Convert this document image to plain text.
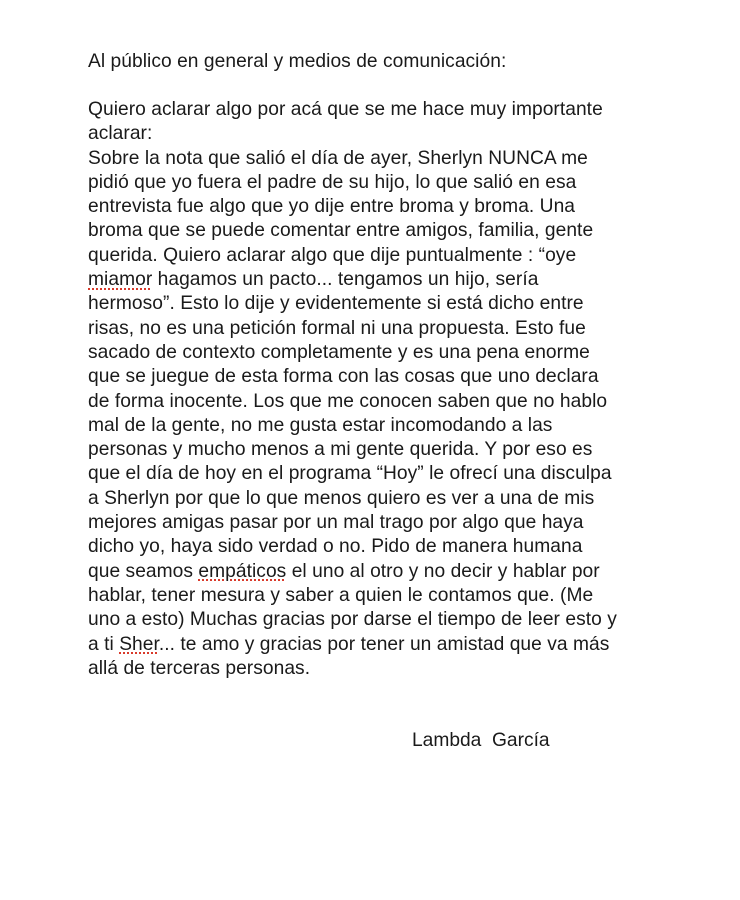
Al público en general y medios de comunicación:
Quiero aclarar algo por acá que se me hace muy importante
aclarar:
Sobre la nota que salió el día de ayer, Sherlyn NUNCA me
pidió que yo fuera el padre de su hijo, lo que salió en esa
entrevista fue algo que yo dije entre broma y broma. Una
broma que se puede comentar entre amigos, familia, gente
querida. Quiero aclarar algo que dije puntualmente : “oye
miamor hagamos un pacto... tengamos un hijo, sería
hermoso”. Esto lo dije y evidentemente si está dicho entre
risas, no es una petición formal ni una propuesta. Esto fue
sacado de contexto completamente y es una pena enorme
que se juegue de esta forma con las cosas que uno declara
de forma inocente. Los que me conocen saben que no hablo
mal de la gente, no me gusta estar incomodando a las
personas y mucho menos a mi gente querida. Y por eso es
que el día de hoy en el programa “Hoy” le ofrecí una disculpa
a Sherlyn por que lo que menos quiero es ver a una de mis
mejores amigas pasar por un mal trago por algo que haya
dicho yo, haya sido verdad o no. Pido de manera humana
que seamos empáticos el uno al otro y no decir y hablar por
hablar, tener mesura y saber a quien le contamos que. (Me
uno a esto) Muchas gracias por darse el tiempo de leer esto y
a ti Sher... te amo y gracias por tener un amistad que va más
allá de terceras personas.
Lambda  García
